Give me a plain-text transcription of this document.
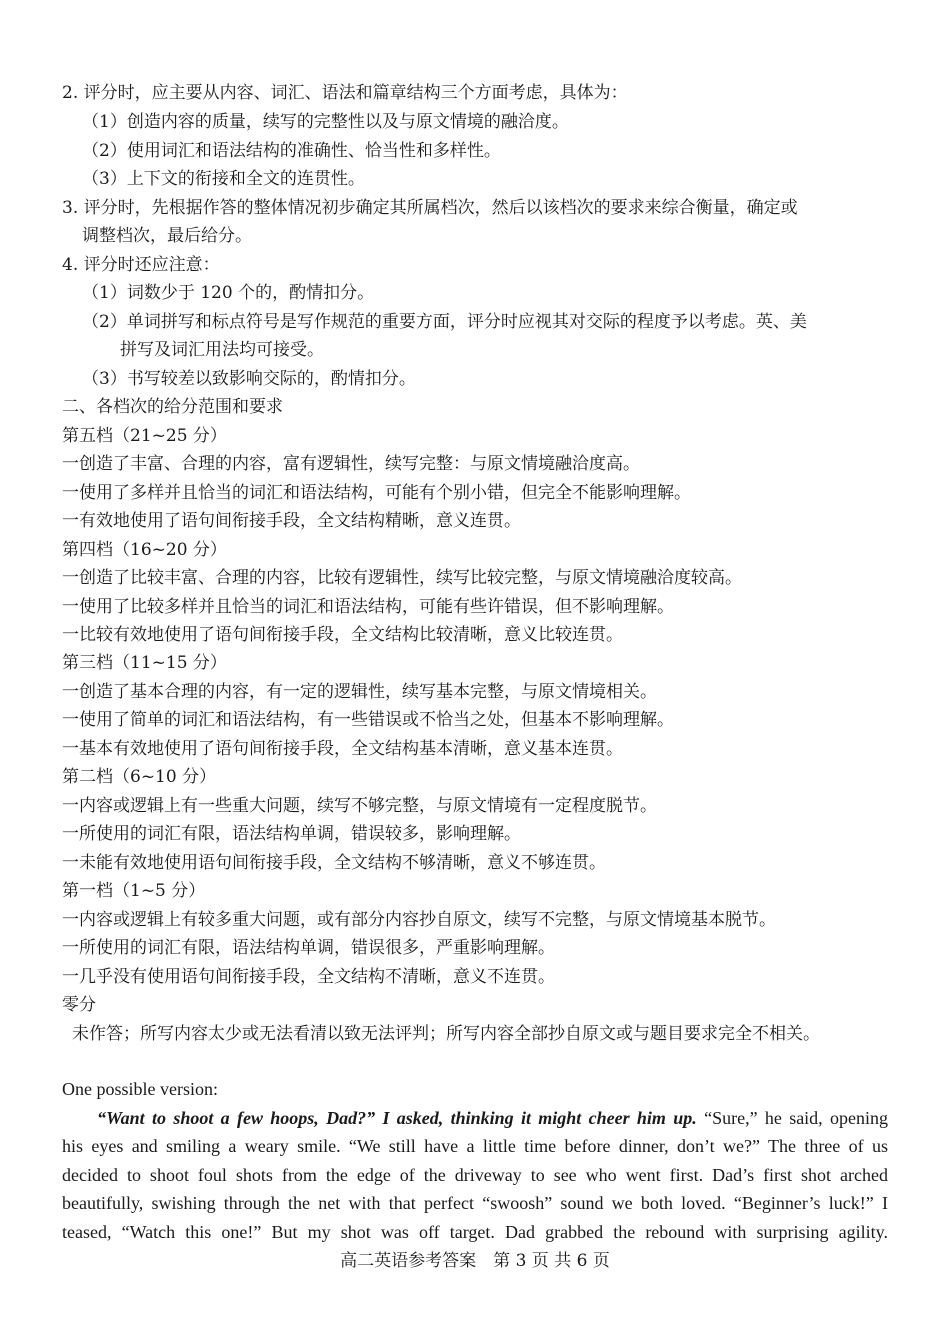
2. 评分时，应主要从内容、词汇、语法和篇章结构三个方面考虑，具体为：
（1）创造内容的质量，续写的完整性以及与原文情境的融洽度。
（2）使用词汇和语法结构的准确性、恰当性和多样性。
（3）上下文的衔接和全文的连贯性。
3. 评分时，先根据作答的整体情况初步确定其所属档次，然后以该档次的要求来综合衡量，确定或
调整档次，最后给分。
4. 评分时还应注意：
（1）词数少于 120 个的，酌情扣分。
（2）单词拼写和标点符号是写作规范的重要方面，评分时应视其对交际的程度予以考虑。英、美
拼写及词汇用法均可接受。
（3）书写较差以致影响交际的，酌情扣分。
二、各档次的给分范围和要求
第五档（21~25 分）
一创造了丰富、合理的内容，富有逻辑性，续写完整：与原文情境融洽度高。
一使用了多样并且恰当的词汇和语法结构，可能有个别小错，但完全不能影响理解。
一有效地使用了语句间衔接手段，全文结构精晰，意义连贯。
第四档（16~20 分）
一创造了比较丰富、合理的内容，比较有逻辑性，续写比较完整，与原文情境融洽度较高。
一使用了比较多样并且恰当的词汇和语法结构，可能有些许错误，但不影响理解。
一比较有效地使用了语句间衔接手段，全文结构比较清晰，意义比较连贯。
第三档（11~15 分）
一创造了基本合理的内容，有一定的逻辑性，续写基本完整，与原文情境相关。
一使用了简单的词汇和语法结构，有一些错误或不恰当之处，但基本不影响理解。
一基本有效地使用了语句间衔接手段，全文结构基本清晰，意义基本连贯。
第二档（6~10 分）
一内容或逻辑上有一些重大问题，续写不够完整，与原文情境有一定程度脱节。
一所使用的词汇有限，语法结构单调，错误较多，影响理解。
一未能有效地使用语句间衔接手段，全文结构不够清晰，意义不够连贯。
第一档（1~5 分）
一内容或逻辑上有较多重大问题，或有部分内容抄自原文，续写不完整，与原文情境基本脱节。
一所使用的词汇有限，语法结构单调，错误很多，严重影响理解。
一几乎没有使用语句间衔接手段，全文结构不清晰，意义不连贯。
零分
未作答；所写内容太少或无法看清以致无法评判；所写内容全部抄自原文或与题目要求完全不相关。
One possible version:
“Want to shoot a few hoops, Dad?” I asked, thinking it might cheer him up. “Sure,” he said, opening
his eyes and smiling a weary smile. “We still have a little time before dinner, don’t we?” The three of us
decided to shoot foul shots from the edge of the driveway to see who went first. Dad’s first shot arched
beautifully, swishing through the net with that perfect “swoosh” sound we both loved. “Beginner’s luck!” I
teased, “Watch this one!” But my shot was off target. Dad grabbed the rebound with surprising agility.
高二英语参考答案　第 3 页 共 6 页
